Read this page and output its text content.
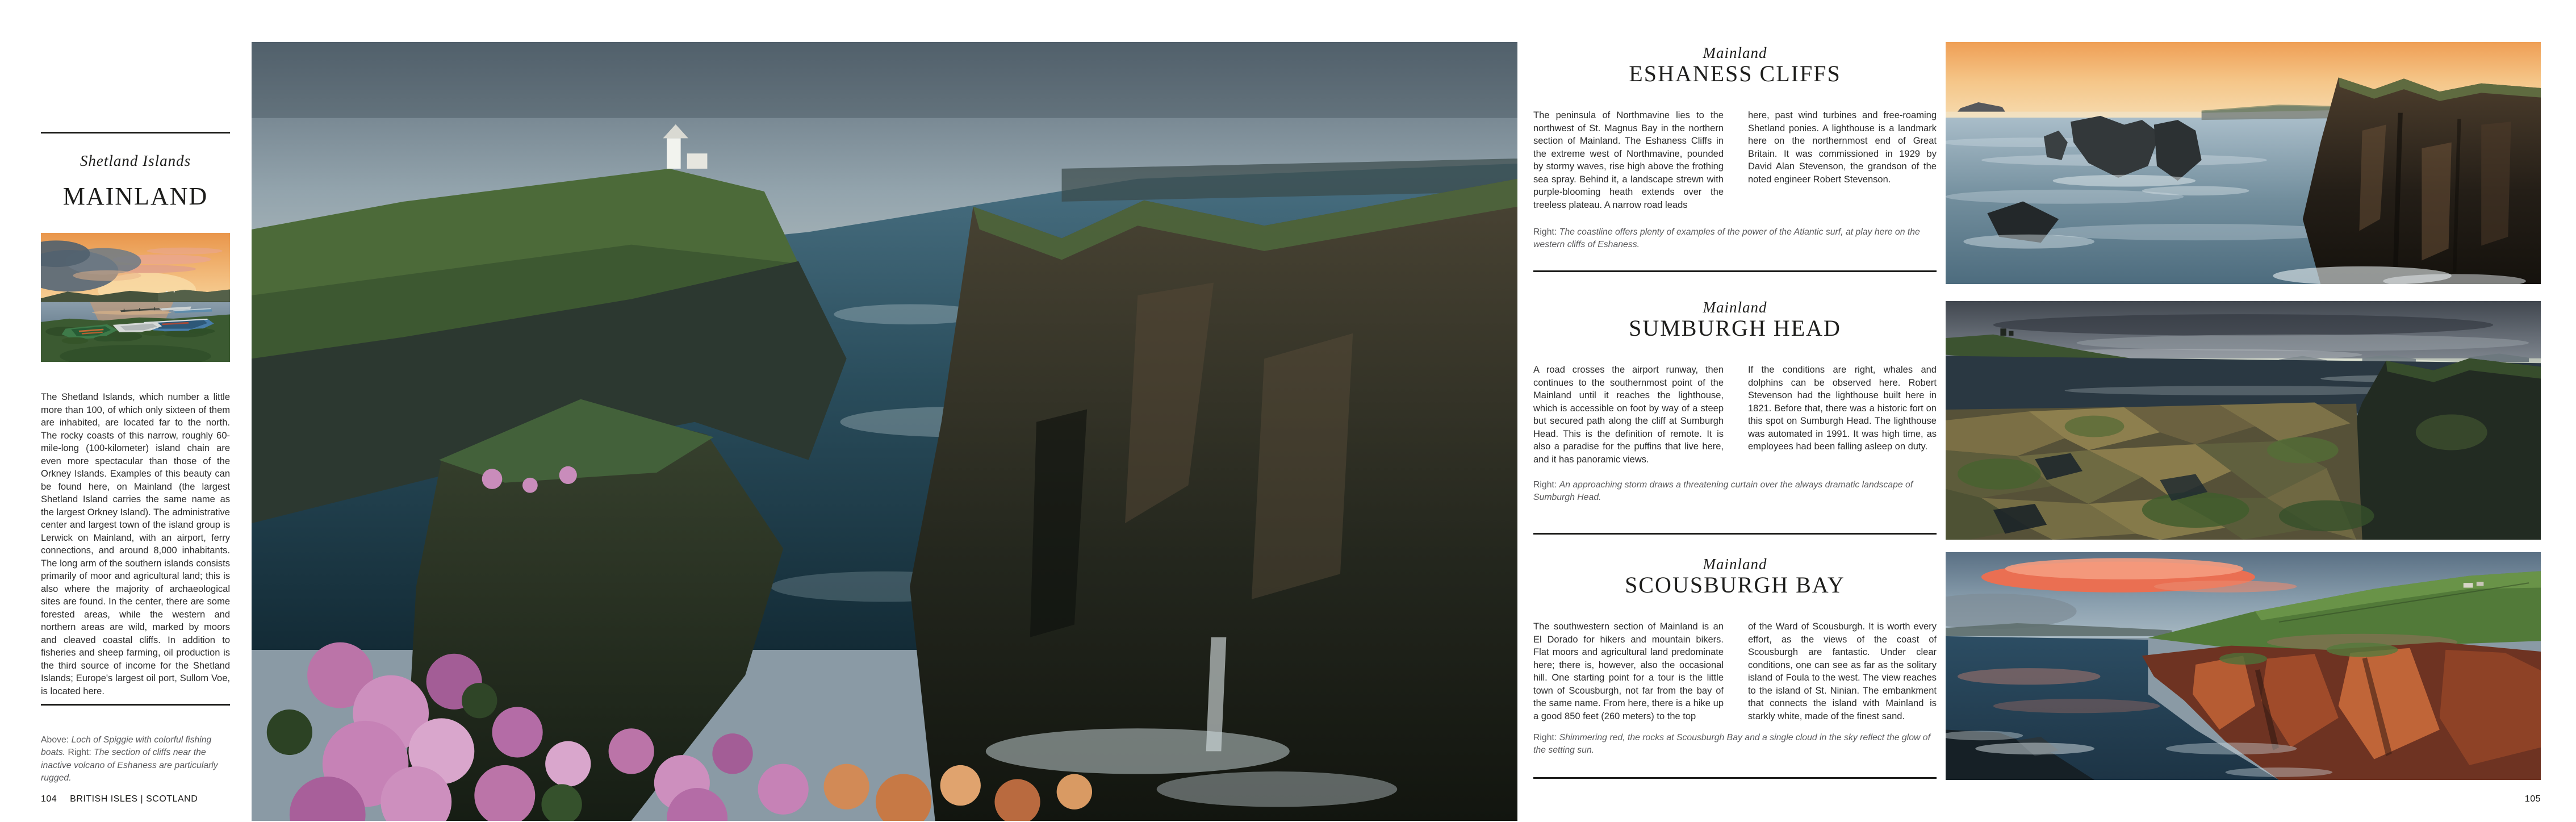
Shetland Islands
MAINLAND

The Shetland Islands, which number a little more than 100, of which only sixteen of them are inhabited, are located far to the north. The rocky coasts of this narrow, roughly 60-mile-long (100-kilometer) island chain are even more spectacular than those of the Orkney Islands. Examples of this beauty can be found here, on Mainland (the largest Shetland Island carries the same name as the largest Orkney Island). The administrative center and largest town of the island group is Lerwick on Mainland, with an airport, ferry connections, and around 8,000 inhabitants. The long arm of the southern islands consists primarily of moor and agricultural land; this is also where the majority of archaeological sites are found. In the center, there are some forested areas, while the western and northern areas are wild, marked by moors and cleaved coastal cliffs. In addition to fisheries and sheep farming, oil production is the third source of income for the Shetland Islands; Europe's largest oil port, Sullom Voe, is located here.

Above: Loch of Spiggie with colorful fishing boats. Right: The section of cliffs near the inactive volcano of Eshaness are particularly rugged.

104 BRITISH ISLES | SCOTLAND
Mainland
ESHANESS CLIFFS

The peninsula of Northmavine lies to the northwest of St. Magnus Bay in the northern section of Mainland. The Eshaness Cliffs in the extreme west of Northmavine, pounded by stormy waves, rise high above the frothing sea spray. Behind it, a landscape strewn with purple-blooming heath extends over the treeless plateau. A narrow road leads

here, past wind turbines and free-roaming Shetland ponies. A lighthouse is a landmark here on the northernmost end of Great Britain. It was commissioned in 1929 by David Alan Stevenson, the grandson of the noted engineer Robert Stevenson.

Right: The coastline offers plenty of examples of the power of the Atlantic surf, at play here on the western cliffs of Eshaness.

Mainland
SUMBURGH HEAD

A road crosses the airport runway, then continues to the southernmost point of the Mainland until it reaches the lighthouse, which is accessible on foot by way of a steep but secured path along the cliff at Sumburgh Head. This is the definition of remote. It is also a paradise for the puffins that live here, and it has panoramic views.

If the conditions are right, whales and dolphins can be observed here. Robert Stevenson had the lighthouse built here in 1821. Before that, there was a historic fort on this spot on Sumburgh Head. The lighthouse was automated in 1991. It was high time, as employees had been falling asleep on duty.

Right: An approaching storm draws a threatening curtain over the always dramatic landscape of Sumburgh Head.

Mainland
SCOUSBURGH BAY

The southwestern section of Mainland is an El Dorado for hikers and mountain bikers. Flat moors and agricultural land predominate here; there is, however, also the occasional hill. One starting point for a tour is the little town of Scousburgh, not far from the bay of the same name. From here, there is a hike up a good 850 feet (260 meters) to the top

of the Ward of Scousburgh. It is worth every effort, as the views of the coast of Scousburgh are fantastic. Under clear conditions, one can see as far as the solitary island of Foula to the west. The view reaches to the island of St. Ninian. The embankment that connects the island with Mainland is starkly white, made of the finest sand.

Right: Shimmering red, the rocks at Scousburgh Bay and a single cloud in the sky reflect the glow of the setting sun.

105
